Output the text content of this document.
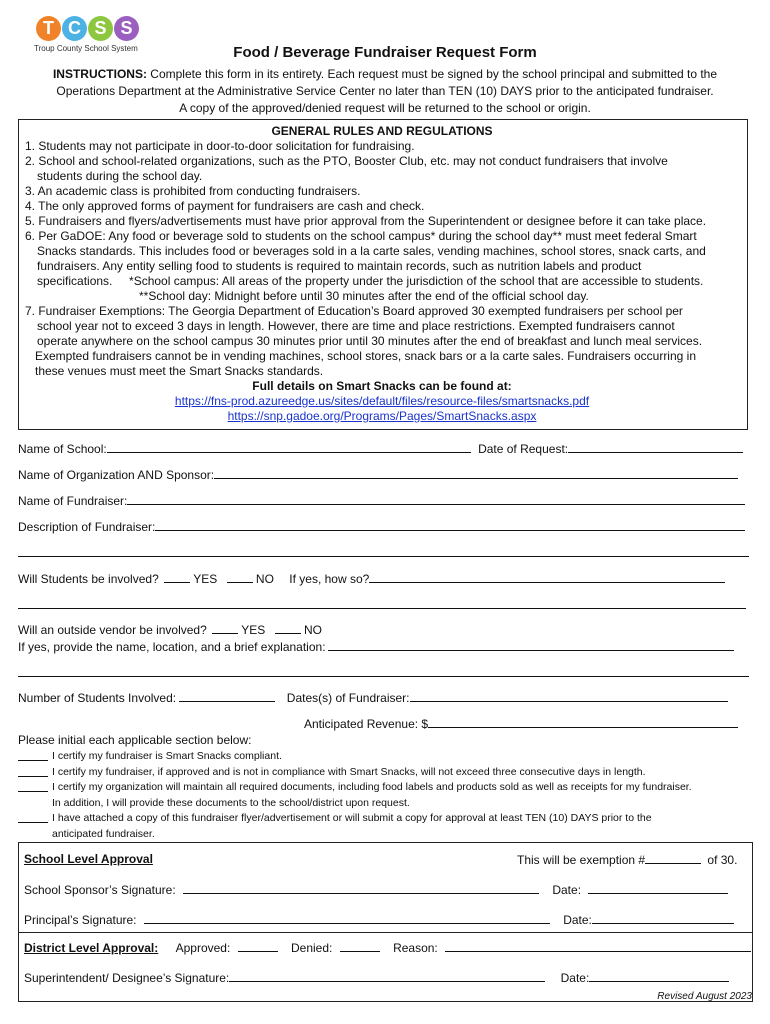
T C S S
Troup County School System	Food / Beverage Fundraiser Request Form
INSTRUCTIONS: Complete this form in its entirety. Each request must be signed by the school principal and submitted to the
Operations Department at the Administrative Service Center no later than TEN (10) DAYS prior to the anticipated fundraiser.
A copy of the approved/denied request will be returned to the school or origin.
GENERAL RULES AND REGULATIONS
1. Students may not participate in door-to-door solicitation for fundraising.
2. School and school-related organizations, such as the PTO, Booster Club, etc. may not conduct fundraisers that involve
students during the school day.
3. An academic class is prohibited from conducting fundraisers.
4. The only approved forms of payment for fundraisers are cash and check.
5. Fundraisers and flyers/advertisements must have prior approval from the Superintendent or designee before it can take place.
6. Per GaDOE: Any food or beverage sold to students on the school campus* during the school day** must meet federal Smart
Snacks standards. This includes food or beverages sold in a la carte sales, vending machines, school stores, snack carts, and
fundraisers. Any entity selling food to students is required to maintain records, such as nutrition labels and product
specifications.     *School campus: All areas of the property under the jurisdiction of the school that are accessible to students.
**School day: Midnight before until 30 minutes after the end of the official school day.
7. Fundraiser Exemptions: The Georgia Department of Education’s Board approved 30 exempted fundraisers per school per
school year not to exceed 3 days in length. However, there are time and place restrictions. Exempted fundraisers cannot
operate anywhere on the school campus 30 minutes prior until 30 minutes after the end of breakfast and lunch meal services.
Exempted fundraisers cannot be in vending machines, school stores, snack bars or a la carte sales. Fundraisers occurring in
these venues must meet the Smart Snacks standards.
Full details on Smart Snacks can be found at:
https://fns-prod.azureedge.us/sites/default/files/resource-files/smartsnacks.pdf
https://snp.gadoe.org/Programs/Pages/SmartSnacks.aspx
Name of School:	Date of Request:
Name of Organization AND Sponsor:
Name of Fundraiser:
Description of Fundraiser:
Will Students be involved?	YES	NO If yes, how so?
Will an outside vendor be involved?	YES	NO
If yes, provide the name, location, and a brief explanation:
Number of Students Involved:	Dates(s) of Fundraiser:
Anticipated Revenue: $
Please initial each applicable section below:
I certify my fundraiser is Smart Snacks compliant.
I certify my fundraiser, if approved and is not in compliance with Smart Snacks, will not exceed three consecutive days in length.
I certify my organization will maintain all required documents, including food labels and products sold as well as receipts for my fundraiser.
In addition, I will provide these documents to the school/district upon request.
I have attached a copy of this fundraiser flyer/advertisement or will submit a copy for approval at least TEN (10) DAYS prior to the
anticipated fundraiser.
School Level Approval	This will be exemption #	of 30.
School Sponsor’s Signature:	Date:
Principal’s Signature:	Date:
District Level Approval: Approved:	Denied:	Reason:
Superintendent/ Designee’s Signature:	Date:
Revised August 2023
